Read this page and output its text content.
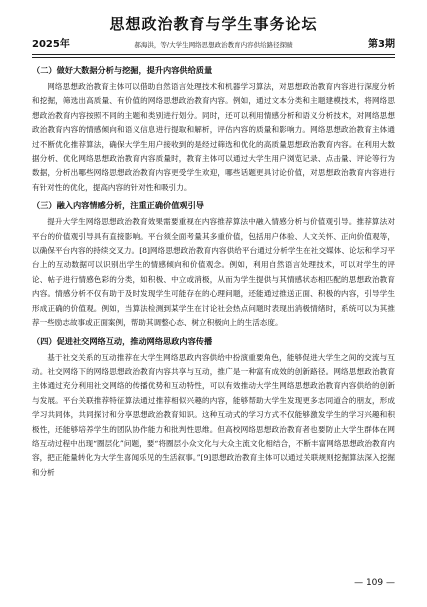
思想政治教育与学生事务论坛
2025年	郝海洪，等/大学生网络思想政治教育内容供给路径探赜	第3期
（二）做好大数据分析与挖掘，提升内容供给质量

网络思想政治教育主体可以借助自然语言处理技术和机器学习算法，对思想政治教育内容进行深度分析和挖掘，筛选出高质量、有价值的网络思想政治教育内容。例如，通过文本分类和主题建模技术，将网络思想政治教育内容按照不同的主题和类别进行划分。同时，还可以利用情感分析和语义分析技术，对网络思想政治教育内容的情感倾向和语义信息进行提取和解析，评估内容的质量和影响力。网络思想政治教育主体通过不断优化推荐算法，确保大学生用户接收到的是经过筛选和优化的高质量思想政治教育内容。在利用大数据分析、优化网络思想政治教育内容质量时，教育主体可以通过大学生用户浏览记录、点击量、评论等行为数据，分析出哪些网络思想政治教育内容更受学生欢迎，哪些话题更具讨论价值，对思想政治教育内容进行有针对性的优化，提高内容的针对性和吸引力。

（三）融入内容情感分析，注重正确价值观引导

提升大学生网络思想政治教育效果需要重视在内容推荐算法中融入情感分析与价值观引导。推荐算法对平台的价值观引导具有直接影响。平台须全面考量其多重价值，包括用户体验、人文关怀、正向价值观等，以确保平台内容的持续交叉力。[8]网络思想政治教育内容供给平台通过分析学生在社交媒体、论坛和学习平台上的互动数据可以识别出学生的情感倾向和价值观念。例如，利用自然语言处理技术，可以对学生的评论、帖子进行情感色彩的分类，如积极、中立或消极，从而为学生提供与其情感状态相匹配的思想政治教育内容。情感分析不仅有助于及时发现学生可能存在的心理问题，还能通过推送正面、积极的内容，引导学生形成正确的价值观。例如，当算法检测到某学生在讨论社会热点问题时表现出消极情绪时，系统可以为其推荐一些励志故事或正面案例，帮助其调整心态、树立积极向上的生活态度。

（四）促进社交网络互动，推动网络思政内容传播

基于社交关系的互动推荐在大学生网络思政内容供给中扮演重要角色，能够促进大学生之间的交流与互动。社交网络下的网络思想政治教育内容共享与互动，推广是一种富有成效的创新路径。网络思想政治教育主体通过充分利用社交网络的传播优势和互动特性，可以有效推动大学生网络思想政治教育内容供给的创新与发展。平台关联推荐特征算法通过推荐相似兴趣的内容，能够帮助大学生发现更多志同道合的朋友，形成学习共同体，共同探讨和分享思想政治教育知识。这种互动式的学习方式不仅能够激发学生的学习兴趣和积极性，还能够培养学生的团队协作能力和批判性思维。但高校网络思想政治教育者也要防止大学生群体在网络互动过程中出现“圈层化”问题，要“将圈层小众文化与大众主流文化相结合，不断丰富网络思想政治教育内容，把正能量转化为大学生喜闻乐见的生活叙事。”[9]思想政治教育主体可以通过关联规则挖掘算法深入挖掘和分析

— 109 —
